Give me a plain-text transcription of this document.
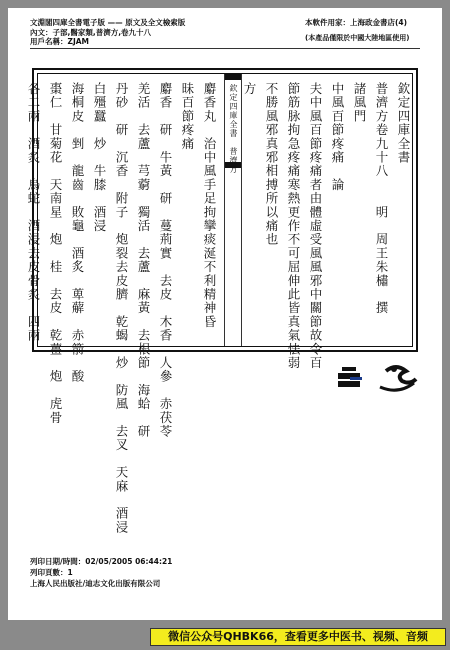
文淵閣四庫全書電子版 —— 原文及全文檢索版
內文：子部,醫家類,普濟方,卷九十八
用戶名稱：ZJAM
本軟件用家：上海政金書店(4)
(本產品僅限於中國大陸地區使用)
欽定四庫全書
普濟方卷九十八　　明　周王朱橚　撰
諸風門
中風百節疼痛　論
夫中風百節疼痛者由體虛受風風邪中關節故令百
節筋脉拘急疼痛寒熱更作不可屈伸此皆真氣怯弱
不勝風邪真邪相搏所以痛也
方
欽定四庫全書　普濟方
麝香丸　治中風手足拘攣痰涎不利精神昏
昧百節疼痛
麝香　研　牛黃　研　蔓荊實　去皮　木香　人參　赤茯苓
羌活　去蘆　芎藭　獨活　去蘆　麻黃　去根節　海蛤　研
丹砂　研　沉香　附子　炮裂去皮臍　乾蝎　炒　防風　去叉　天麻　酒浸
白殭蠶　炒　牛膝　酒浸
海桐皮　剉　龍齒　敗龜　酒炙　萆薢　赤箭　酸
棗仁　甘菊花　天南星　炮　桂　去皮　乾薑　炮　虎骨
各二兩　酒炙　烏蛇　酒浸去皮骨炙　四兩
列印日期/時間：02/05/2005 06:44:21
列印頁數：1
上海人民出版社/迪志文化出版有限公司
微信公众号QHBK66，查看更多中医书、视频、音频
